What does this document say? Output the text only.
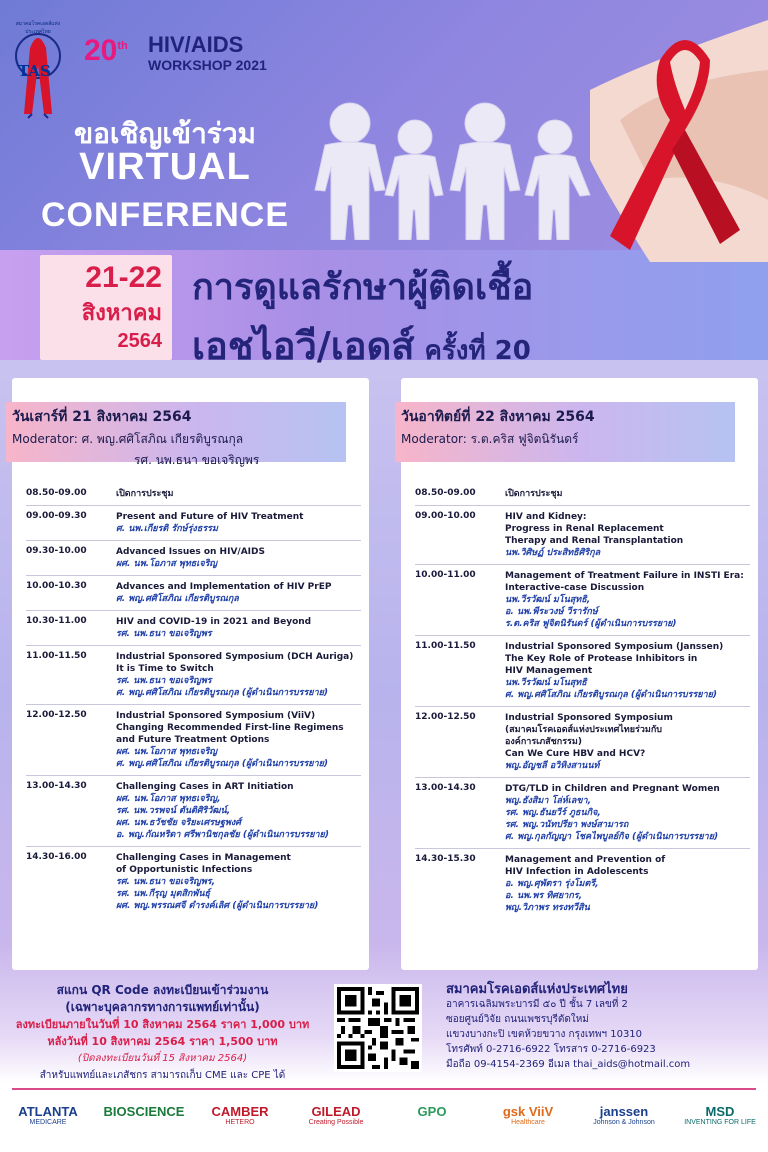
สมาคมโรคเอดส์แห่งประเทศไทย
TAS
20th HIV/AIDS
WORKSHOP 2021
ขอเชิญเข้าร่วม
VIRTUAL
CONFERENCE
21-22
สิงหาคม
2564
การดูแลรักษาผู้ติดเชื้อ
เอชไอวี/เอดส์ ครั้งที่ 20
วันเสาร์ที่ 21 สิงหาคม 2564
Moderator: ศ. พญ.ศศิโสภิณ เกียรติบูรณกุล
รศ. นพ.ธนา ขอเจริญพร
08.50-09.00	เปิดการประชุม
09.00-09.30	Present and Future of HIV Treatment
ศ. นพ.เกียรติ รักษ์รุ่งธรรม
09.30-10.00	Advanced Issues on HIV/AIDS
ผศ. นพ.โอภาส พุทธเจริญ
10.00-10.30	Advances and Implementation of HIV PrEP
ศ. พญ.ศศิโสภิณ เกียรติบูรณกุล
10.30-11.00	HIV and COVID-19 in 2021 and Beyond
รศ. นพ.ธนา ขอเจริญพร
11.00-11.50	Industrial Sponsored Symposium (DCH Auriga)
It is Time to Switch
รศ. นพ.ธนา ขอเจริญพร
ศ. พญ.ศศิโสภิณ เกียรติบูรณกุล (ผู้ดำเนินการบรรยาย)
12.00-12.50	Industrial Sponsored Symposium (ViiV)
Changing Recommended First-line Regimens
and Future Treatment Options
ผศ. นพ.โอภาส พุทธเจริญ
ศ. พญ.ศศิโสภิณ เกียรติบูรณกุล (ผู้ดำเนินการบรรยาย)
13.00-14.30	Challenging Cases in ART Initiation
ผศ. นพ.โอภาส พุทธเจริญ,
รศ. นพ.วรพจน์ ตันติศิริวัฒน์,
ผศ. นพ.ธวัชชัย จริยะเศรษฐพงศ์
อ. พญ.กัณหริดา ศรีพานิชกุลชัย (ผู้ดำเนินการบรรยาย)
14.30-16.00	Challenging Cases in Management
of Opportunistic Infections
รศ. นพ.ธนา ขอเจริญพร,
รศ. นพ.กีรุญ มุตสิกพันธุ์
ผศ. พญ.พรรณศจี ดำรงค์เลิศ (ผู้ดำเนินการบรรยาย)
วันอาทิตย์ที่ 22 สิงหาคม 2564
Moderator: ร.ต.คริส ฟูจิตนิรันดร์
08.50-09.00	เปิดการประชุม
09.00-10.00	HIV and Kidney:
Progress in Renal Replacement
Therapy and Renal Transplantation
นพ.วิศิษฏ์ ประสิทธิศิริกุล
10.00-11.00	Management of Treatment Failure in INSTI Era:
Interactive-case Discussion
นพ.วีรวัฒน์ มโนสุทธิ,
อ. นพ.พีระวงษ์ วีรารักษ์
ร.ต.คริส ฟูจิตนิรันดร์ (ผู้ดำเนินการบรรยาย)
11.00-11.50	Industrial Sponsored Symposium (Janssen)
The Key Role of Protease Inhibitors in
HIV Management
นพ.วีรวัฒน์ มโนสุทธิ
ศ. พญ.ศศิโสภิณ เกียรติบูรณกุล (ผู้ดำเนินการบรรยาย)
12.00-12.50	Industrial Sponsored Symposium
(สมาคมโรคเอดส์แห่งประเทศไทยร่วมกับ
องค์การเภสัชกรรม)
Can We Cure HBV and HCV?
พญ.อัญชลี อวิหิงสานนท์
13.00-14.30	DTG/TLD in Children and Pregnant Women
พญ.ธังสิมา โล่ห์เลขา,
รศ. พญ.ธันยวีร์ ภูธนกิจ,
รศ. พญ.วนัทปรียา พงษ์สามารถ
ศ. พญ.กุลกัญญา โชคไพบูลย์กิจ (ผู้ดำเนินการบรรยาย)
14.30-15.30	Management and Prevention of
HIV Infection in Adolescents
อ. พญ.ศุพัตรา รุ่งโมตรี,
อ. นพ.พร ทิศยากร,
พญ.วิภาพร ทรงทวีสิน
สแกน QR Code ลงทะเบียนเข้าร่วมงาน
(เฉพาะบุคลากรทางการแพทย์เท่านั้น)
ลงทะเบียนภายในวันที่ 10 สิงหาคม 2564 ราคา 1,000 บาท
หลังวันที่ 10 สิงหาคม 2564 ราคา 1,500 บาท
(ปิดลงทะเบียนวันที่ 15 สิงหาคม 2564)
สำหรับแพทย์และเภสัชกร สามารถเก็บ CME และ CPE ได้
สมาคมโรคเอดส์แห่งประเทศไทย
อาคารเฉลิมพระบารมี ๕๐ ปี ชั้น 7 เลขที่ 2
ซอยศูนย์วิจัย ถนนเพชรบุรีตัดใหม่
แขวงบางกะปิ เขตห้วยขวาง กรุงเทพฯ 10310
โทรศัพท์ 0-2716-6922 โทรสาร 0-2716-6923
มือถือ 09-4154-2369 อีเมล thai_aids@hotmail.com
ATLANTA
MEDICARE
BIOSCIENCE	CAMBER
HETERO
GILEAD
Creating Possible
GPO	gsk ViiV
Healthcare
janssen
Johnson & Johnson
MSD
INVENTING FOR LIFE
